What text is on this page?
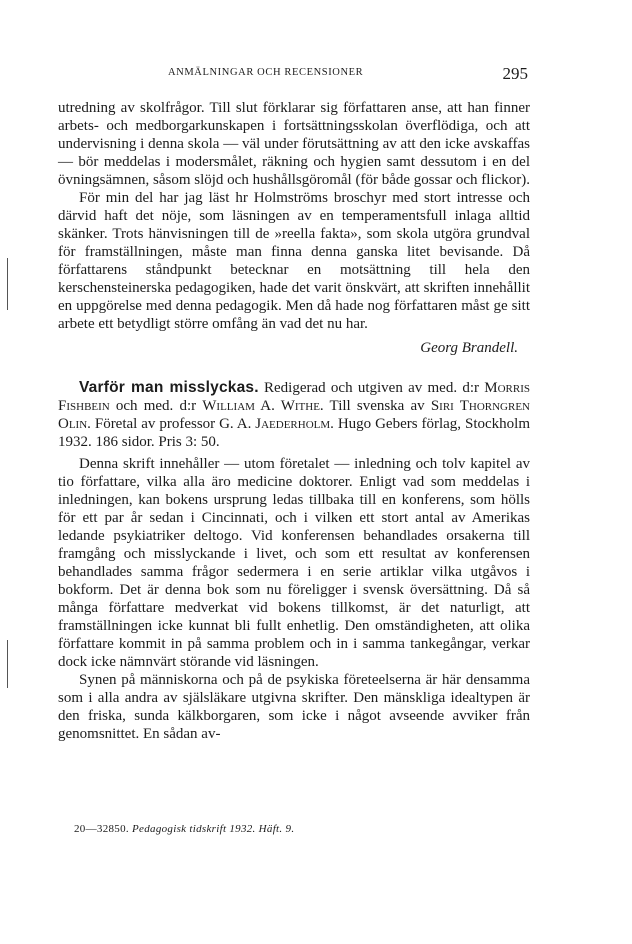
ANMÄLNINGAR OCH RECENSIONER	295

utredning av skolfrågor. Till slut förklarar sig författaren anse, att han finner arbets- och medborgarkunskapen i fortsättningsskolan överflödiga, och att undervisning i denna skola — väl under förutsättning av att den icke avskaffas — bör meddelas i modersmålet, räkning och hygien samt dessutom i en del övningsämnen, såsom slöjd och hushållsgöromål (för både gossar och flickor).

För min del har jag läst hr Holmströms broschyr med stort intresse och därvid haft det nöje, som läsningen av en temperamentsfull inlaga alltid skänker. Trots hänvisningen till de »reella fakta», som skola utgöra grundval för framställningen, måste man finna denna ganska litet bevisande. Då författarens ståndpunkt betecknar en motsättning till hela den kerschensteinerska pedagogiken, hade det varit önskvärt, att skriften innehållit en uppgörelse med denna pedagogik. Men då hade nog författaren måst ge sitt arbete ett betydligt större omfång än vad det nu har.

Georg Brandell.

Varför man misslyckas. Redigerad och utgiven av med. d:r Morris Fishbein och med. d:r William A. Withe. Till svenska av Siri Thorngren Olin. Företal av professor G. A. Jaederholm. Hugo Gebers förlag, Stockholm 1932. 186 sidor. Pris 3: 50.

Denna skrift innehåller — utom företalet — inledning och tolv kapitel av tio författare, vilka alla äro medicine doktorer. Enligt vad som meddelas i inledningen, kan bokens ursprung ledas tillbaka till en konferens, som hölls för ett par år sedan i Cincinnati, och i vilken ett stort antal av Amerikas ledande psykiatriker deltogo. Vid konferensen behandlades orsakerna till framgång och misslyckande i livet, och som ett resultat av konferensen behandlades samma frågor sedermera i en serie artiklar vilka utgåvos i bokform. Det är denna bok som nu föreligger i svensk översättning. Då så många författare medverkat vid bokens tillkomst, är det naturligt, att framställningen icke kunnat bli fullt enhetlig. Den omständigheten, att olika författare kommit in på samma problem och in i samma tankegångar, verkar dock icke nämnvärt störande vid läsningen.

Synen på människorna och på de psykiska företeelserna är här densamma som i alla andra av själsläkare utgivna skrifter. Den mänskliga idealtypen är den friska, sunda kälkborgaren, som icke i något avseende avviker från genomsnittet. En sådan av-

20—32850. Pedagogisk tidskrift 1932. Häft. 9.
